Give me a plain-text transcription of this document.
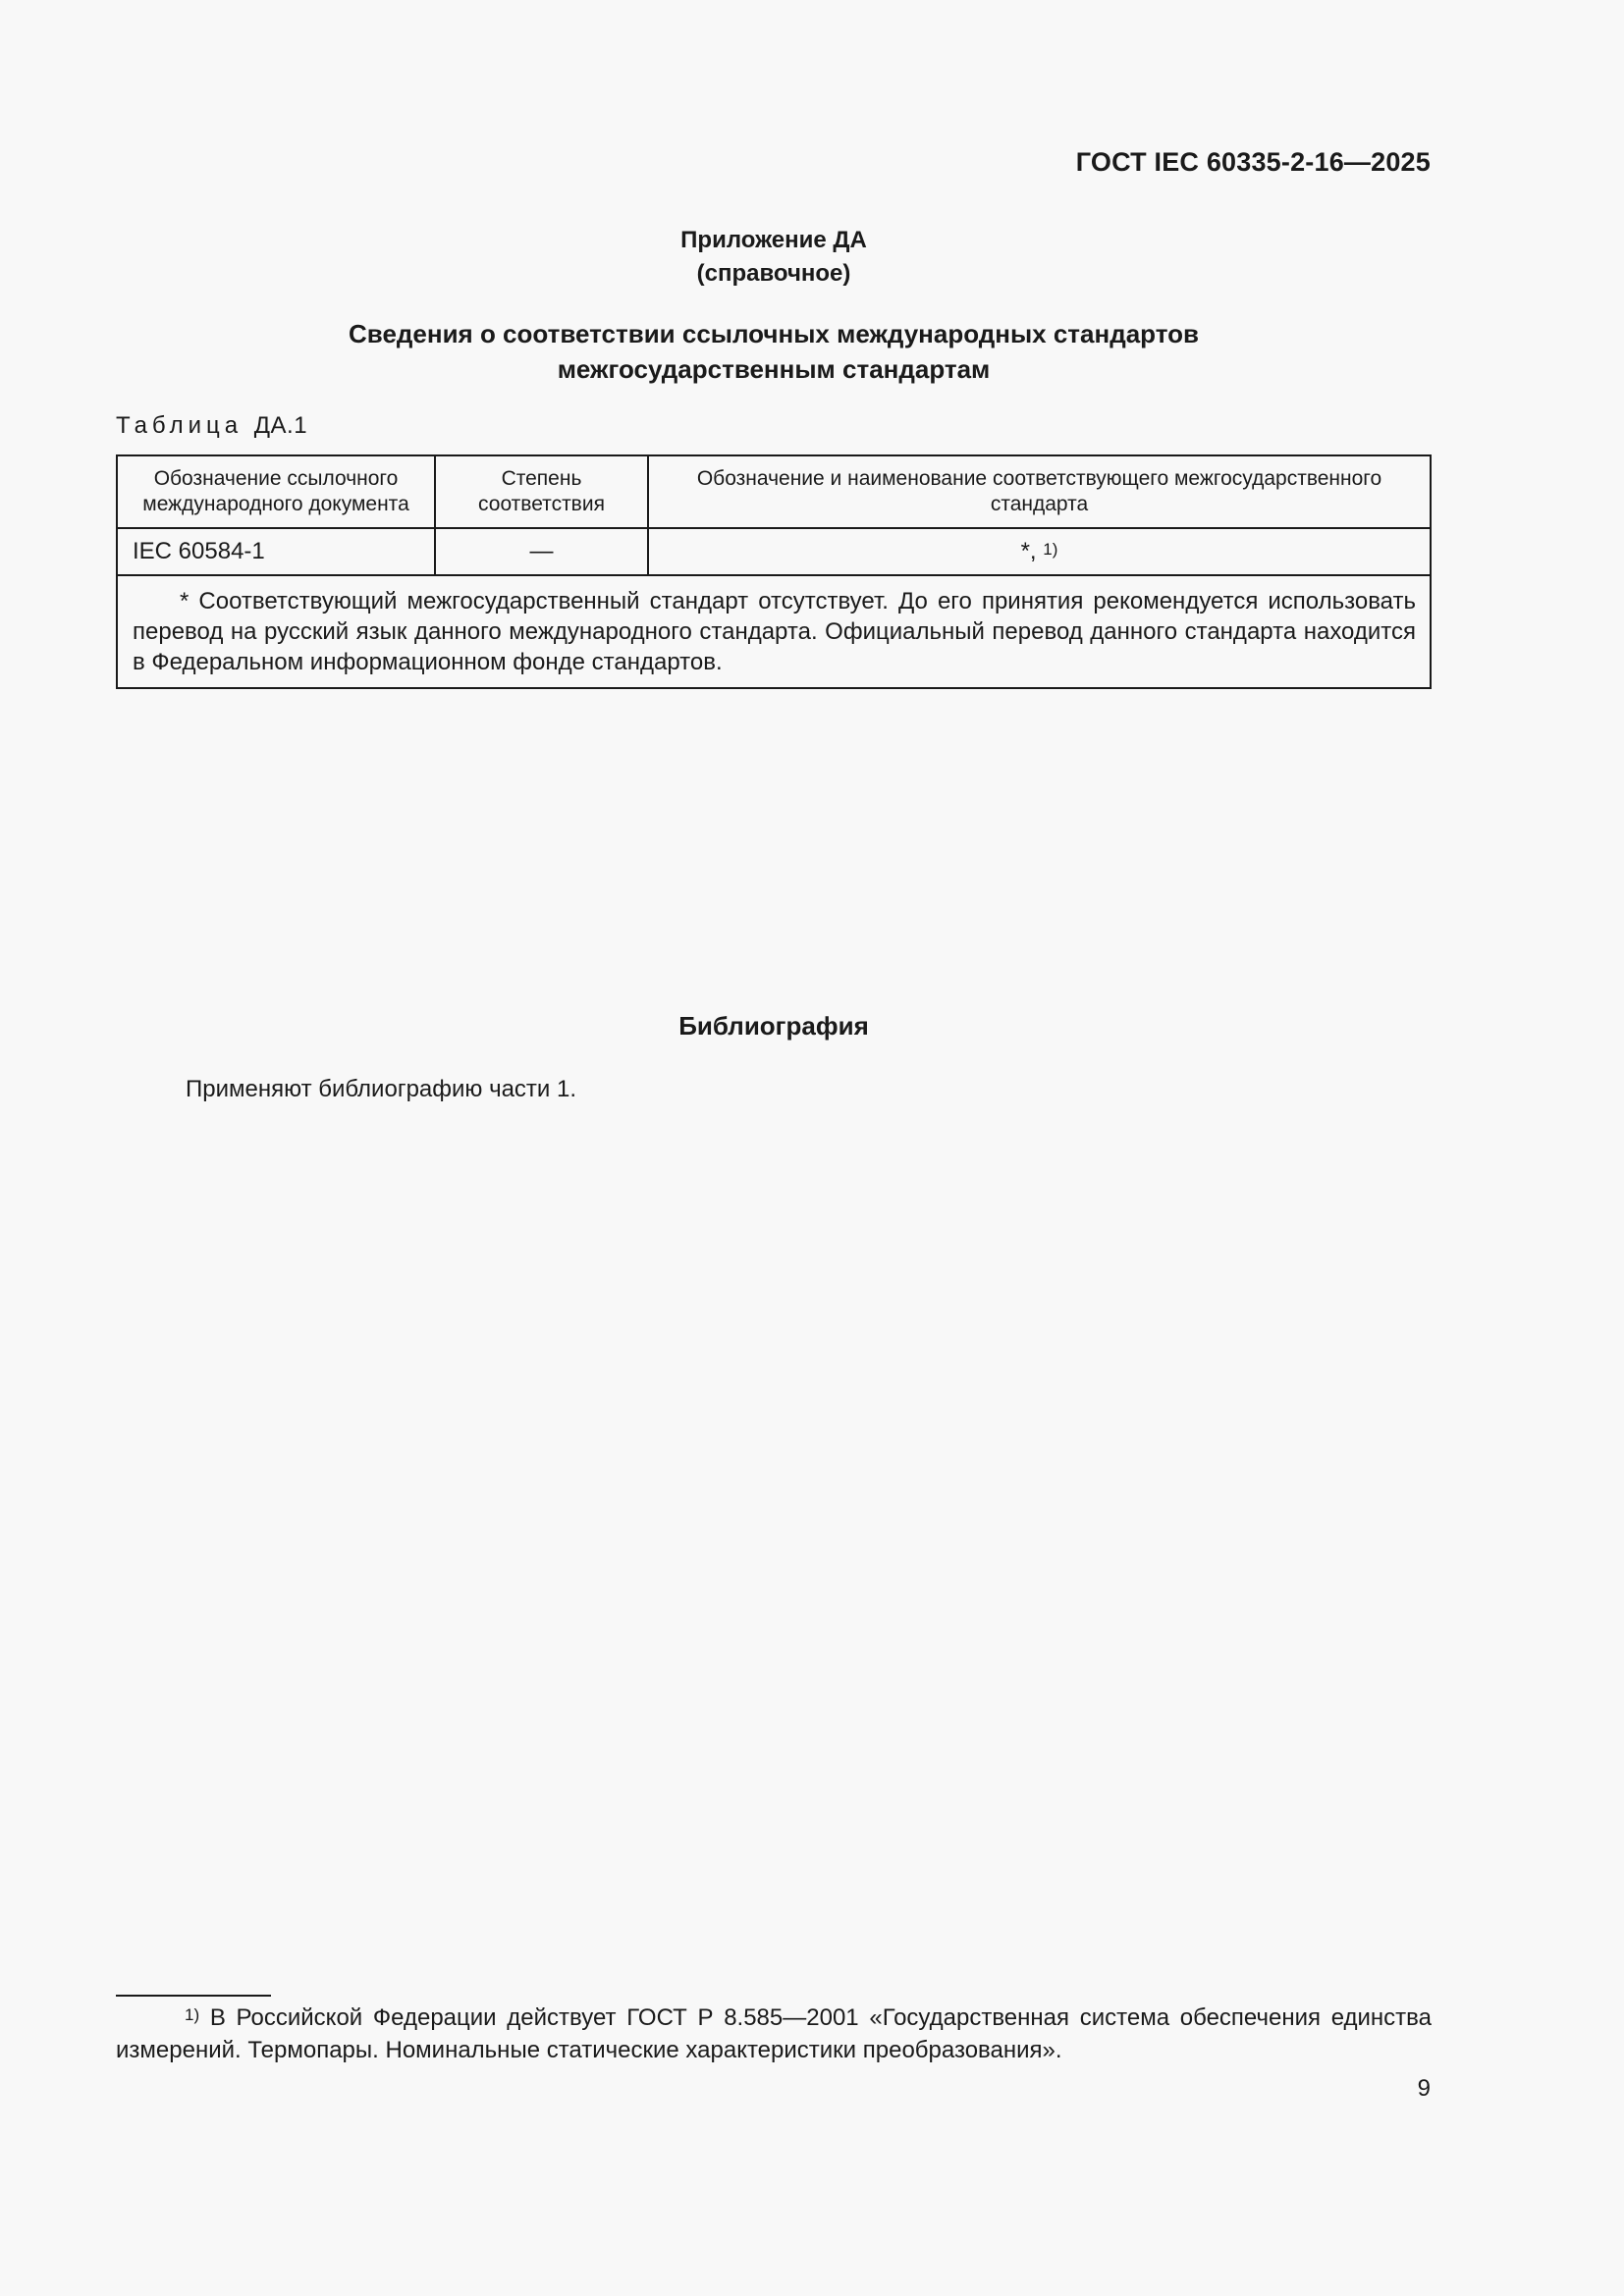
ГОСТ IEC 60335-2-16—2025
Приложение ДА
(справочное)
Сведения о соответствии ссылочных международных стандартов
межгосударственным стандартам
Таблица ДА.1
Обозначение ссылочного международного документа	Степень соответствия	Обозначение и наименование соответствующего межгосударственного стандарта
IEC 60584-1	—	*, $^{1)}$
* Соответствующий межгосударственный стандарт отсутствует. До его принятия рекомендуется использовать перевод на русский язык данного международного стандарта. Официальный перевод данного стандарта находится в Федеральном информационном фонде стандартов.		
Библиография
Применяют библиографию части 1.
$^{1)}$ В Российской Федерации действует ГОСТ Р 8.585—2001 «Государственная система обеспечения единства измерений. Термопары. Номинальные статические характеристики преобразования».
9
